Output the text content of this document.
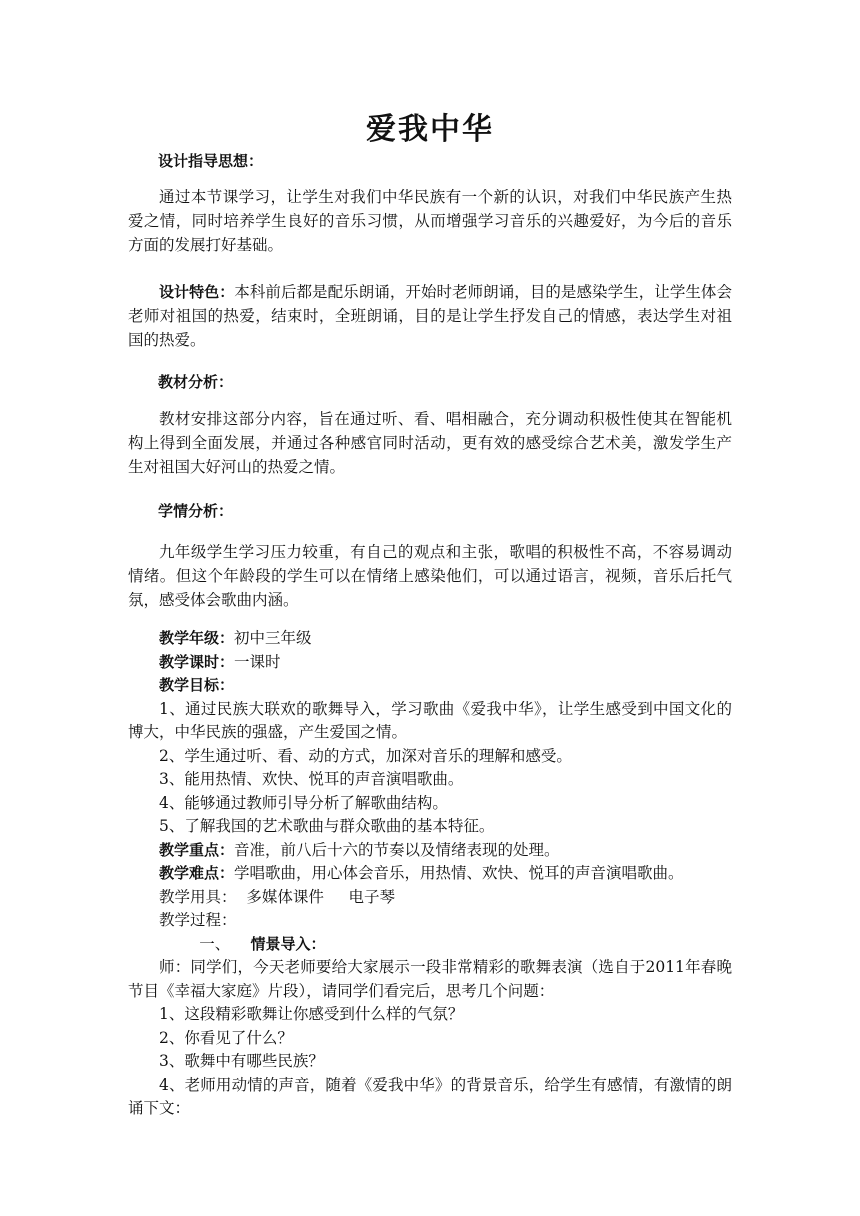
爱我中华

设计指导思想：

通过本节课学习，让学生对我们中华民族有一个新的认识，对我们中华民族产生热爱之情，同时培养学生良好的音乐习惯，从而增强学习音乐的兴趣爱好，为今后的音乐方面的发展打好基础。

设计特色：本科前后都是配乐朗诵，开始时老师朗诵，目的是感染学生，让学生体会老师对祖国的热爱，结束时，全班朗诵，目的是让学生抒发自己的情感，表达学生对祖国的热爱。

教材分析：

教材安排这部分内容，旨在通过听、看、唱相融合，充分调动积极性使其在智能机构上得到全面发展，并通过各种感官同时活动，更有效的感受综合艺术美，激发学生产生对祖国大好河山的热爱之情。

学情分析：

九年级学生学习压力较重，有自己的观点和主张，歌唱的积极性不高，不容易调动情绪。但这个年龄段的学生可以在情绪上感染他们，可以通过语言，视频，音乐后托气氛，感受体会歌曲内涵。

教学年级：初中三年级

教学课时：一课时

教学目标：

1、通过民族大联欢的歌舞导入，学习歌曲《爱我中华》，让学生感受到中国文化的博大，中华民族的强盛，产生爱国之情。

2、学生通过听、看、动的方式，加深对音乐的理解和感受。

3、能用热情、欢快、悦耳的声音演唱歌曲。

4、能够通过教师引导分析了解歌曲结构。

5、了解我国的艺术歌曲与群众歌曲的基本特征。

教学重点：音准，前八后十六的节奏以及情绪表现的处理。

教学难点：学唱歌曲，用心体会音乐，用热情、欢快、悦耳的声音演唱歌曲。

教学用具：  多媒体课件     电子琴

教学过程：

一、 情景导入：

师：同学们，今天老师要给大家展示一段非常精彩的歌舞表演（选自于2011年春晚节目《幸福大家庭》片段），请同学们看完后，思考几个问题：

1、这段精彩歌舞让你感受到什么样的气氛？

2、你看见了什么？

3、歌舞中有哪些民族？

4、老师用动情的声音，随着《爱我中华》的背景音乐，给学生有感情，有激情的朗诵下文：
